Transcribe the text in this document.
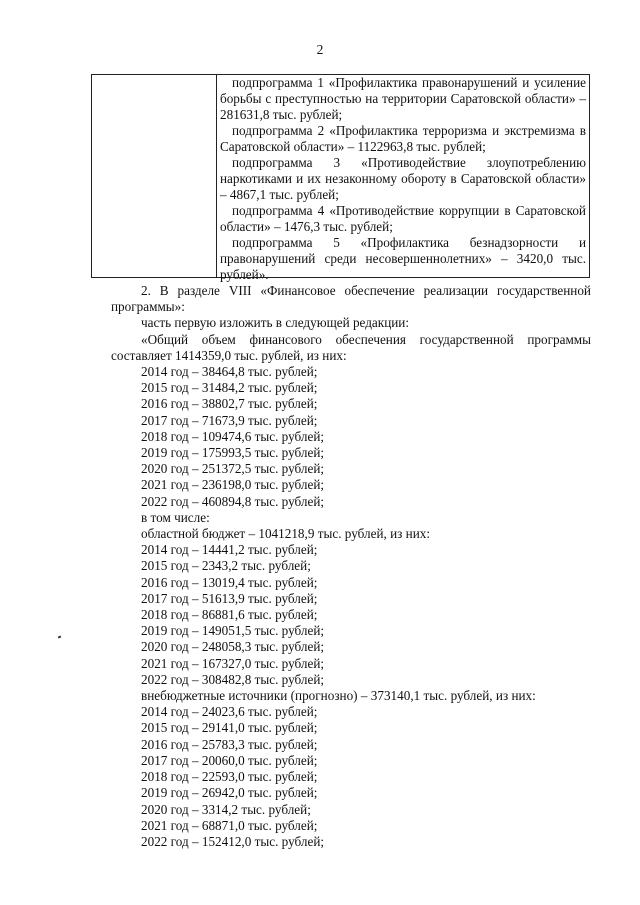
2

подпрограмма 1 «Профилактика правонарушений и усиление борьбы с преступностью на территории Саратовской области» – 281631,8 тыс. рублей;

подпрограмма 2 «Профилактика терроризма и экстремизма в Саратовской области» – 1122963,8 тыс. рублей;

подпрограмма 3 «Противодействие злоупотреблению наркотиками и их незаконному обороту в Саратовской области» – 4867,1 тыс. рублей;

подпрограмма 4 «Противодействие коррупции в Саратовской области» – 1476,3 тыс. рублей;

подпрограмма 5 «Профилактика безнадзорности и правонарушений среди несовершеннолетних» – 3420,0 тыс. рублей».

2. В разделе VIII «Финансовое обеспечение реализации государственной программы»:

часть первую изложить в следующей редакции:

«Общий объем финансового обеспечения государственной программы составляет 1414359,0 тыс. рублей, из них:

2014 год – 38464,8 тыс. рублей;

2015 год – 31484,2 тыс. рублей;

2016 год – 38802,7 тыс. рублей;

2017 год – 71673,9 тыс. рублей;

2018 год – 109474,6 тыс. рублей;

2019 год – 175993,5 тыс. рублей;

2020 год – 251372,5 тыс. рублей;

2021 год – 236198,0 тыс. рублей;

2022 год – 460894,8 тыс. рублей;

в том числе:

областной бюджет – 1041218,9 тыс. рублей, из них:

2014 год – 14441,2 тыс. рублей;

2015 год – 2343,2 тыс. рублей;

2016 год – 13019,4 тыс. рублей;

2017 год – 51613,9 тыс. рублей;

2018 год – 86881,6 тыс. рублей;

2019 год – 149051,5 тыс. рублей;

2020 год – 248058,3 тыс. рублей;

2021 год – 167327,0 тыс. рублей;

2022 год – 308482,8 тыс. рублей;

внебюджетные источники (прогнозно) – 373140,1 тыс. рублей, из них:

2014 год – 24023,6 тыс. рублей;

2015 год – 29141,0 тыс. рублей;

2016 год – 25783,3 тыс. рублей;

2017 год – 20060,0 тыс. рублей;

2018 год – 22593,0 тыс. рублей;

2019 год – 26942,0 тыс. рублей;

2020 год – 3314,2 тыс. рублей;

2021 год – 68871,0 тыс. рублей;

2022 год – 152412,0 тыс. рублей;
